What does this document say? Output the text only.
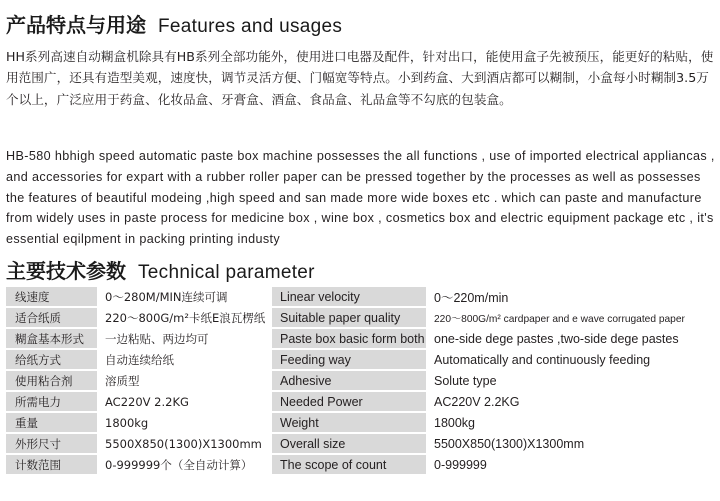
产品特点与用途 Features and usages

HH系列高速自动糊盒机除具有HB系列全部功能外，使用进口电器及配件，针对出口，能使用盒子先被预压，能更好的粘贴，使用范围广，还具有造型美观，速度快，调节灵活方便、门幅宽等特点。小到药盒、大到酒店都可以糊制，小盒每小时糊制3.5万个以上，广泛应用于药盒、化妆品盒、牙膏盒、酒盒、食品盒、礼品盒等不勾底的包装盒。

HB-580 hbhigh speed automatic paste box machine possesses the all functions , use of imported electrical appliancas , and accessories for expart with a rubber roller paper can be pressed together by the processes as well as possesses the features of beautiful modeing ,high speed and san made more wide boxes etc . which can paste and manufacture from widely uses in paste process for medicine box , wine box , cosmetics box and electric equipment package etc , it's essential eqilpment in packing printing industy

主要技术参数 Technical parameter
线速度	0～280M/MIN连续可调	Linear velocity	0～220m/min
适合纸质	220～800G/m²卡纸E浪瓦楞纸	Suitable paper quality	220～800G/m² cardpaper and e wave corrugated paper
糊盒基本形式	一边粘贴、两边均可	Paste box basic form both	one-side dege pastes ,two-side dege pastes
给纸方式	自动连续给纸	Feeding way	Automatically and continuously feeding
使用粘合剂	溶质型	Adhesive	Solute type
所需电力	AC220V 2.2KG	Needed Power	AC220V 2.2KG
重量	1800kg	Weight	1800kg
外形尺寸	5500X850(1300)X1300mm	Overall size	5500X850(1300)X1300mm
计数范围	0-999999个（全自动计算）	The scope of count	0-999999
